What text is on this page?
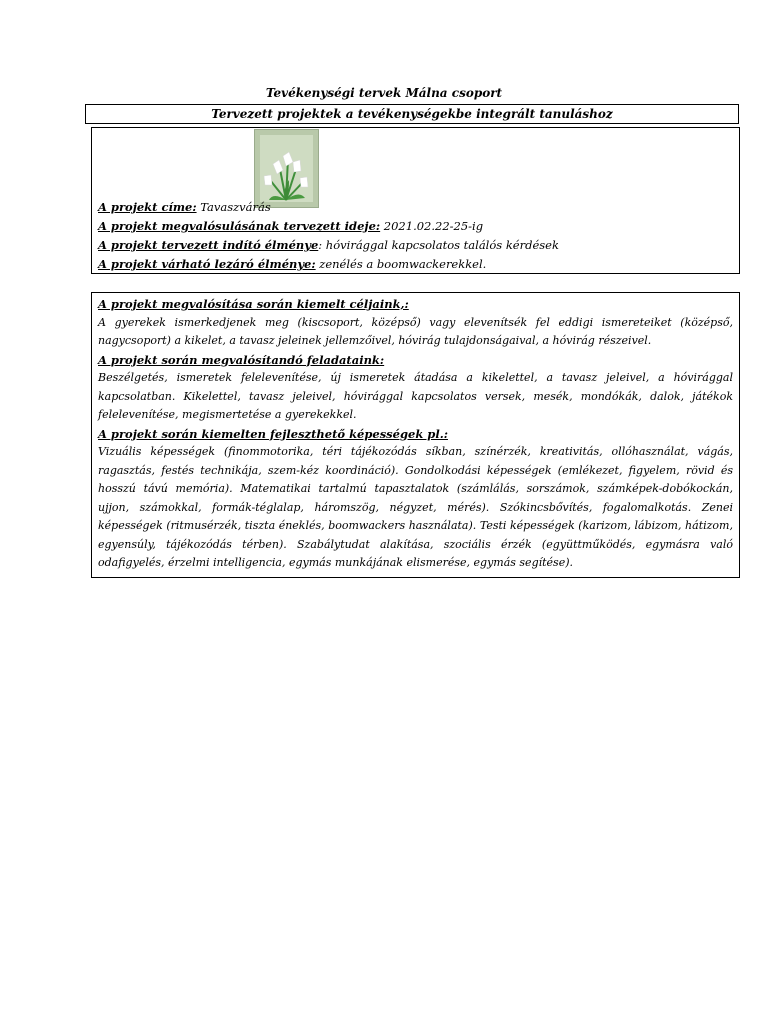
Tevékenységi tervek Málna csoport
Tervezett projektek a tevékenységekbe integrált tanuláshoz
A projekt címe: Tavaszvárás
A projekt megvalósulásának tervezett ideje: 2021.02.22-25-ig
A projekt tervezett indító élménye: hóvirággal kapcsolatos találós kérdések
A projekt várható lezáró élménye: zenélés a boomwackerekkel.
A projekt megvalósítása során kiemelt céljaink,:
A gyerekek ismerkedjenek meg (kiscsoport, középső) vagy elevenítsék fel eddigi ismereteiket (középső, nagycsoport) a kikelet, a tavasz jeleinek jellemzőivel, hóvirág tulajdonságaival, a hóvirág részeivel.
A projekt során megvalósítandó feladataink:
Beszélgetés, ismeretek felelevenítése, új ismeretek átadása a kikelettel, a tavasz jeleivel, a hóvirággal kapcsolatban. Kikelettel, tavasz jeleivel, hóvirággal kapcsolatos versek, mesék, mondókák, dalok, játékok felelevenítése, megismertetése a gyerekekkel.
A projekt során kiemelten fejleszthető képességek pl.:
Vizuális képességek (finommotorika, téri tájékozódás síkban, színérzék, kreativitás, ollóhasználat, vágás, ragasztás, festés technikája, szem-kéz koordináció). Gondolkodási képességek (emlékezet, figyelem, rövid és hosszú távú memória). Matematikai tartalmú tapasztalatok (számlálás, sorszámok, számképek-dobókockán, ujjon, számokkal, formák-téglalap, háromszög, négyzet, mérés). Szókincsbővítés, fogalomalkotás. Zenei képességek (ritmusérzék, tiszta éneklés, boomwackers használata). Testi képességek (karizom, lábizom, hátizom, egyensúly, tájékozódás térben). Szabálytudat alakítása, szociális érzék (együttműködés, egymásra való odafigyelés, érzelmi intelligencia, egymás munkájának elismerése, egymás segítése).
